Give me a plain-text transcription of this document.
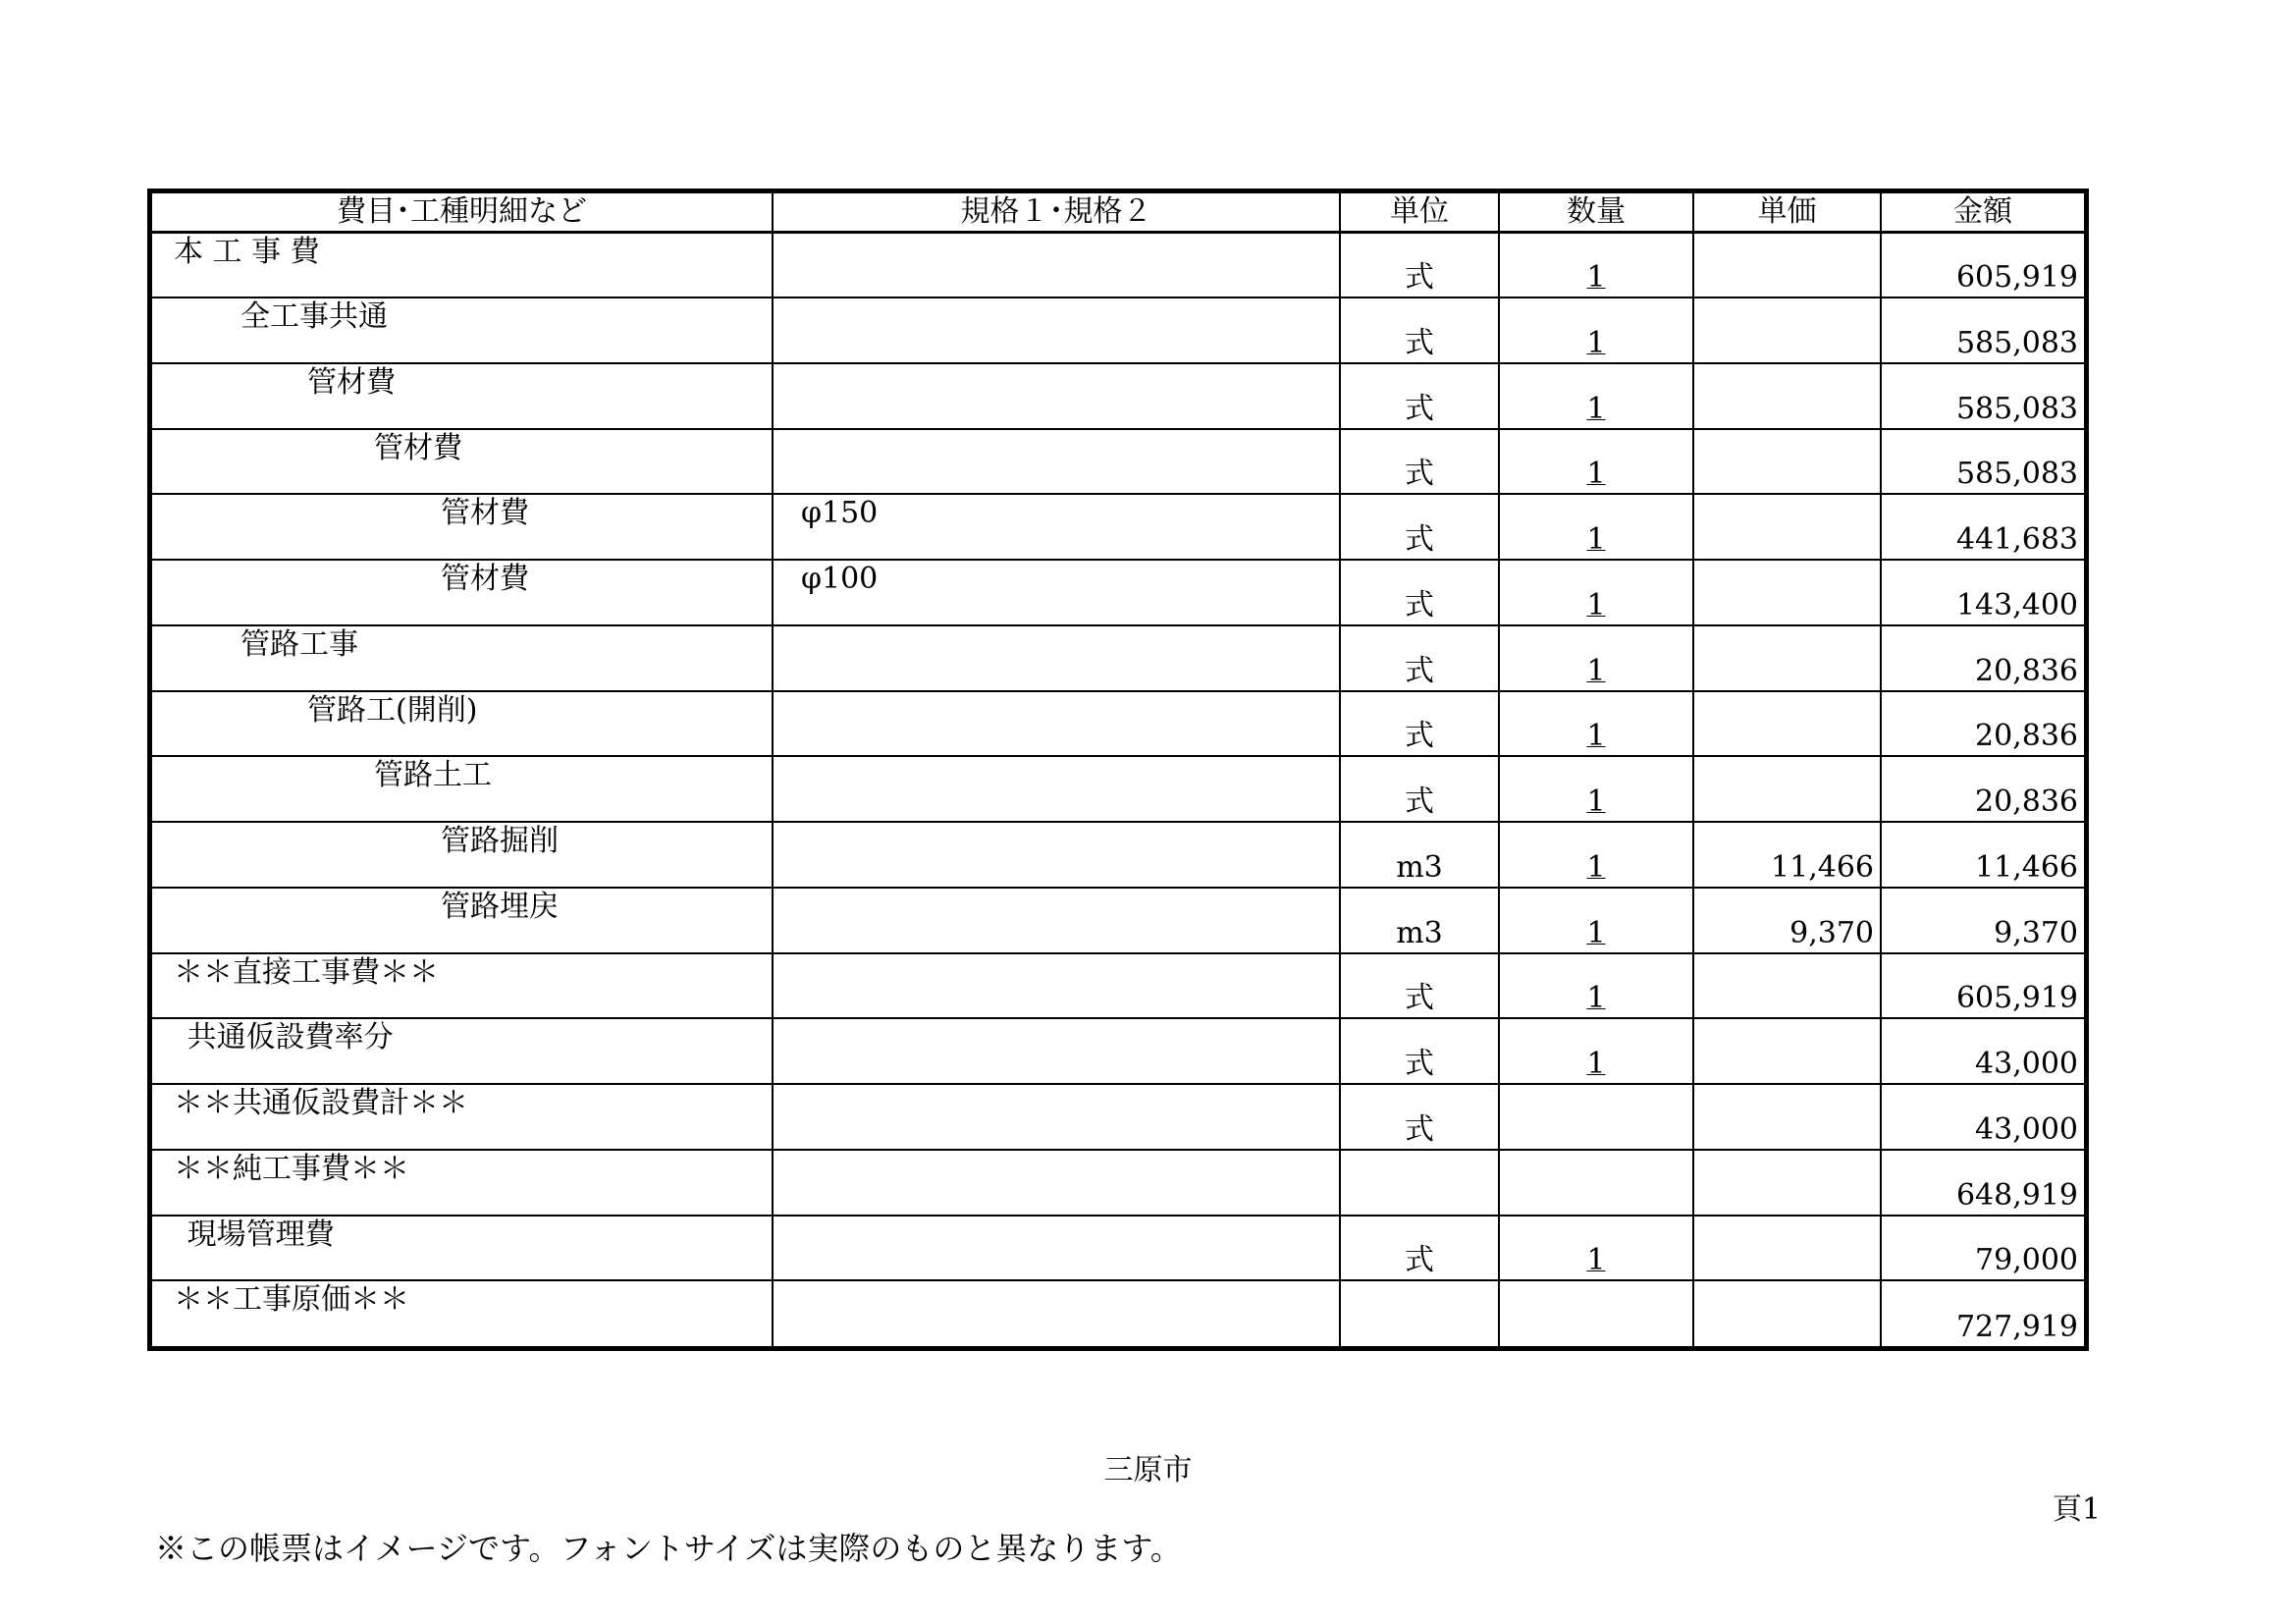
費目･工種明細など	規格１･規格２	単位	数量	単価	金額

本 工 事 費		式	1		605,919

全工事共通		式	1		585,083

管材費		式	1		585,083

管材費		式	1		585,083

管材費	φ150	式	1		441,683

管材費	φ100	式	1		143,400

管路工事		式	1		20,836

管路工(開削)		式	1		20,836

管路土工		式	1		20,836

管路掘削		m3	1	11,466	11,466

管路埋戻		m3	1	9,370	9,370

＊＊直接工事費＊＊		式	1		605,919

共通仮設費率分		式	1		43,000

＊＊共通仮設費計＊＊		式			43,000

＊＊純工事費＊＊					648,919

現場管理費		式	1		79,000

＊＊工事原価＊＊					727,919
三原市
頁1
※この帳票はイメージです。フォントサイズは実際のものと異なります。
